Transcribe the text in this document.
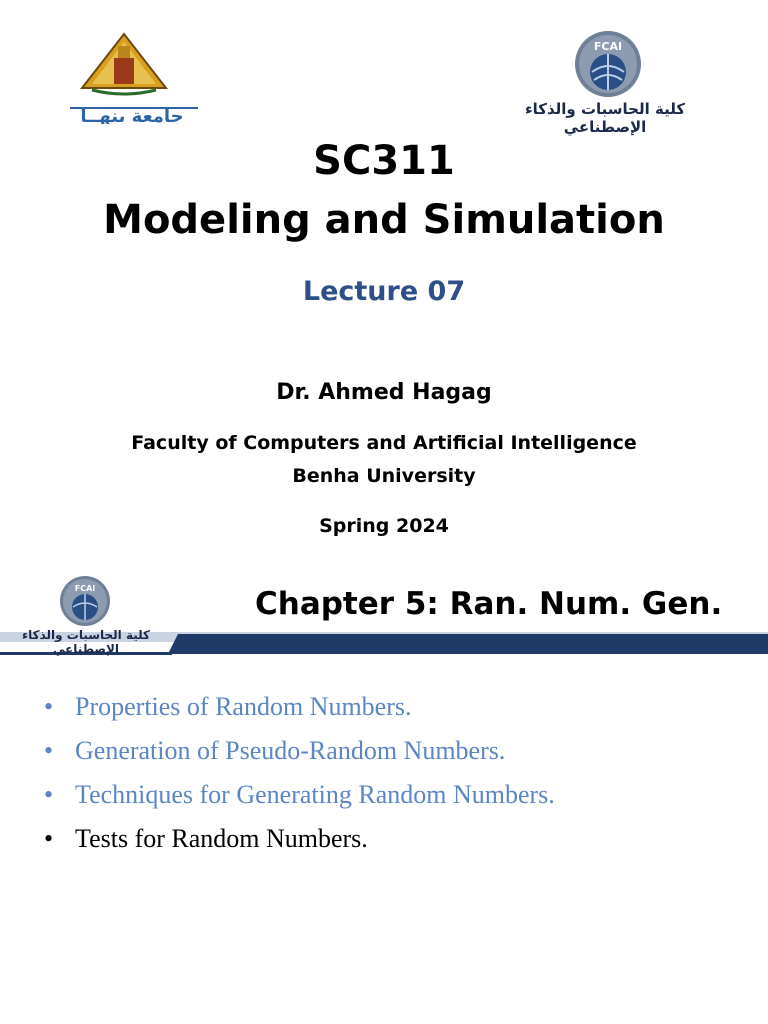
جامعة بنهــا
FCAI
كلية الحاسبات والذكاء الإصطناعي
SC311
Modeling and Simulation
Lecture 07
Dr. Ahmed Hagag
Faculty of Computers and Artificial Intelligence
Benha University
Spring 2024
FCAI
كلية الحاسبات والذكاء الإصطناعي
Chapter 5: Ran. Num. Gen.
• Properties of Random Numbers.
• Generation of Pseudo-Random Numbers.
• Techniques for Generating Random Numbers.
• Tests for Random Numbers.
